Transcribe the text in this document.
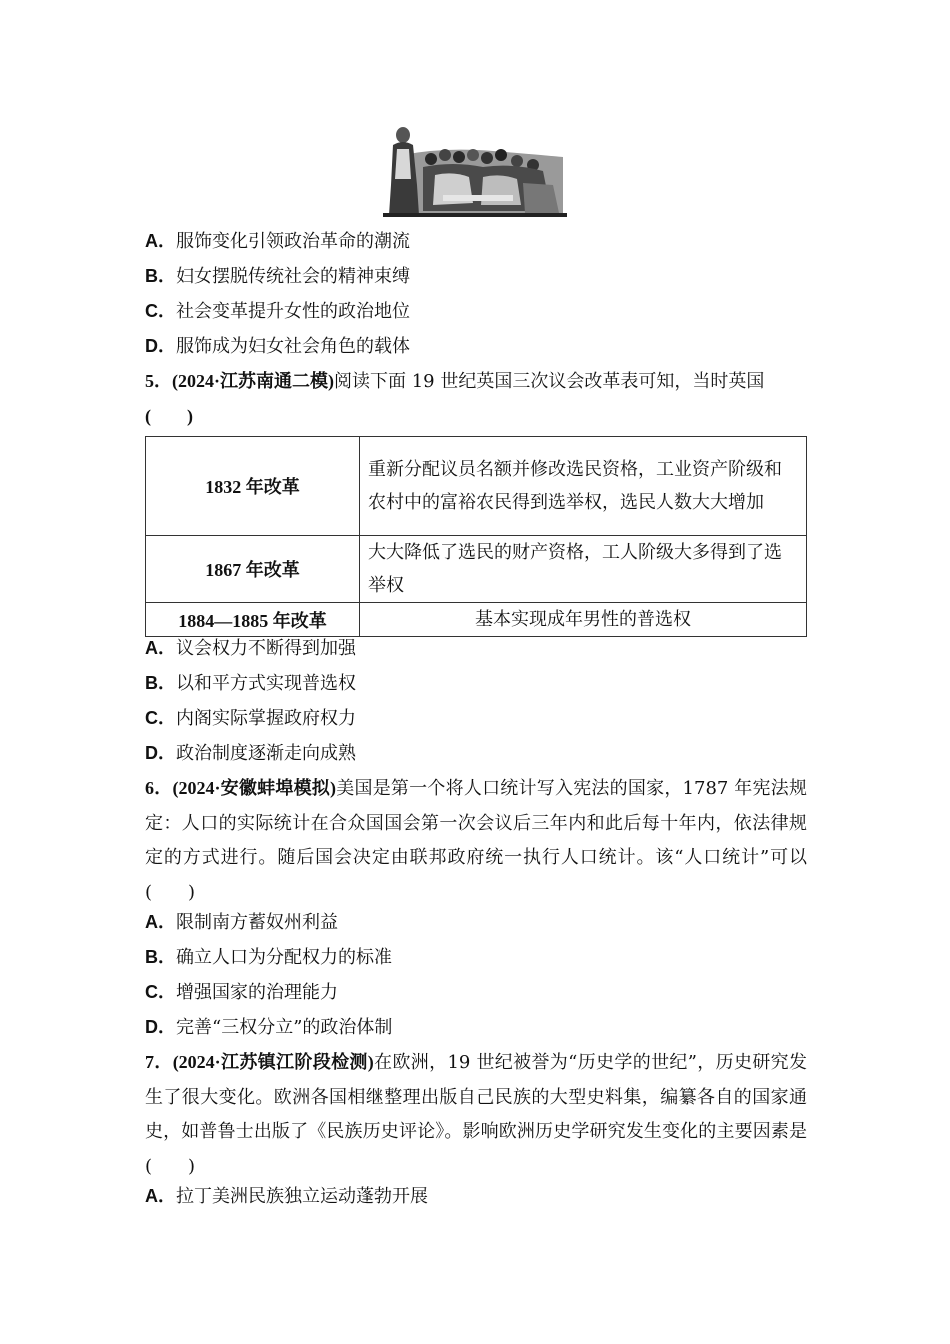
A．服饰变化引领政治革命的潮流
B．妇女摆脱传统社会的精神束缚
C．社会变革提升女性的政治地位
D．服饰成为妇女社会角色的载体
5．(2024·江苏南通二模)阅读下面 19 世纪英国三次议会改革表可知，当时英国
(　　)
1832 年改革	重新分配议员名额并修改选民资格，工业资产阶级和农村中的富裕农民得到选举权，选民人数大大增加
1867 年改革	大大降低了选民的财产资格，工人阶级大多得到了选举权
1884—1885 年改革	基本实现成年男性的普选权
A．议会权力不断得到加强
B．以和平方式实现普选权
C．内阁实际掌握政府权力
D．政治制度逐渐走向成熟
6．(2024·安徽蚌埠模拟)美国是第一个将人口统计写入宪法的国家，1787 年宪法规定：人口的实际统计在合众国国会第一次会议后三年内和此后每十年内，依法律规定的方式进行。随后国会决定由联邦政府统一执行人口统计。该“人口统计”可以(　　)
A．限制南方蓄奴州利益
B．确立人口为分配权力的标准
C．增强国家的治理能力
D．完善“三权分立”的政治体制
7．(2024·江苏镇江阶段检测)在欧洲，19 世纪被誉为“历史学的世纪”，历史研究发生了很大变化。欧洲各国相继整理出版自己民族的大型史料集，编纂各自的国家通史，如普鲁士出版了《民族历史评论》。影响欧洲历史学研究发生变化的主要因素是(　　)
A．拉丁美洲民族独立运动蓬勃开展
